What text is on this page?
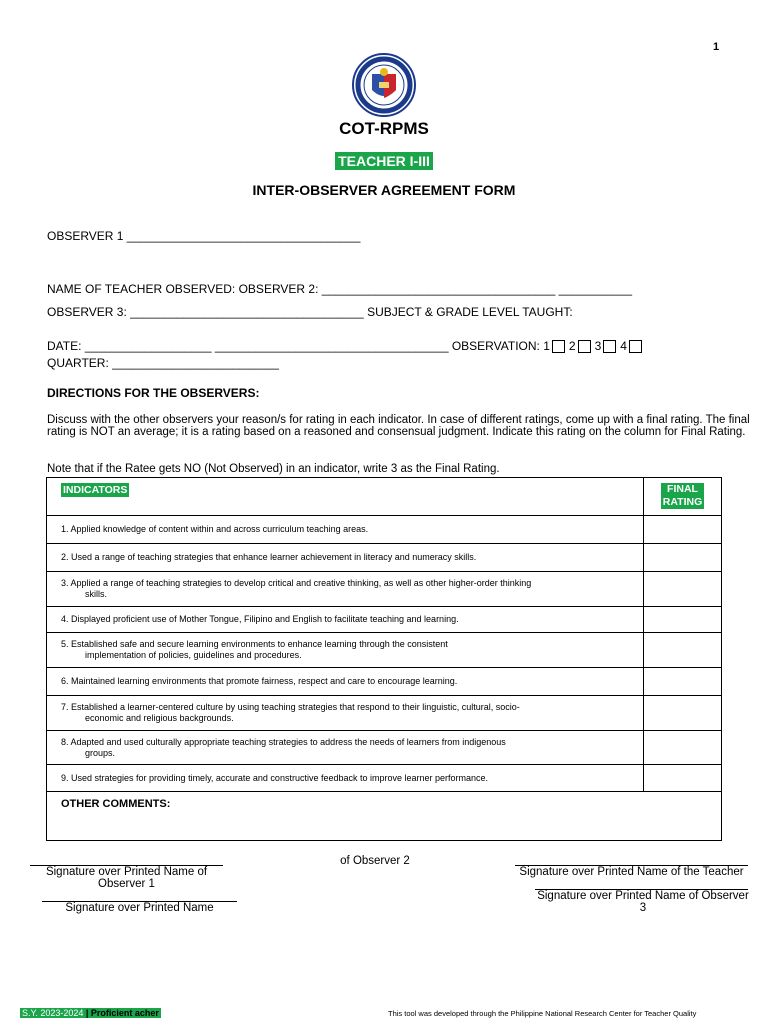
1
COT-RPMS
TEACHER I-III
INTER-OBSERVER AGREEMENT FORM
OBSERVER 1 ___________________________________
NAME OF TEACHER OBSERVED: OBSERVER 2: ___________________________________ ___________
OBSERVER 3: ___________________________________ SUBJECT & GRADE LEVEL TAUGHT:
DATE: ___________________ ___________________________________ OBSERVATION: 1 2 3 4
QUARTER: _________________________
DIRECTIONS FOR THE OBSERVERS:
Discuss with the other observers your reason/s for rating in each indicator. In case of different ratings, come up with a final rating. The final rating is NOT an average; it is a rating based on a reasoned and consensual judgment. Indicate this rating on the column for Final Rating.
Note that if the Ratee gets NO (Not Observed) in an indicator, write 3 as the Final Rating.
INDICATORS	FINAL
RATING
1. Applied knowledge of content within and across curriculum teaching areas.

2. Used a range of teaching strategies that enhance learner achievement in literacy and numeracy skills.

3. Applied a range of teaching strategies to develop critical and creative thinking, as well as other higher-order thinking
skills.	

4. Displayed proficient use of Mother Tongue, Filipino and English to facilitate teaching and learning.

5. Established safe and secure learning environments to enhance learning through the consistent
implementation of policies, guidelines and procedures.	

6. Maintained learning environments that promote fairness, respect and care to encourage learning.

7. Established a learner-centered culture by using teaching strategies that respond to their linguistic, cultural, socio-
economic and religious backgrounds.	

8. Adapted and used culturally appropriate teaching strategies to address the needs of learners from indigenous
groups.	

9. Used strategies for providing timely, accurate and constructive feedback to improve learner performance.

OTHER COMMENTS:	
Signature over Printed Name of
Observer 1
of Observer 2
Signature over Printed Name of the Teacher
Signature over Printed Name of Observer
3
Signature over Printed Name
S.Y. 2023-2024 | Proficient acher	This tool was developed through the Philippine National Research Center for Teacher Quality
